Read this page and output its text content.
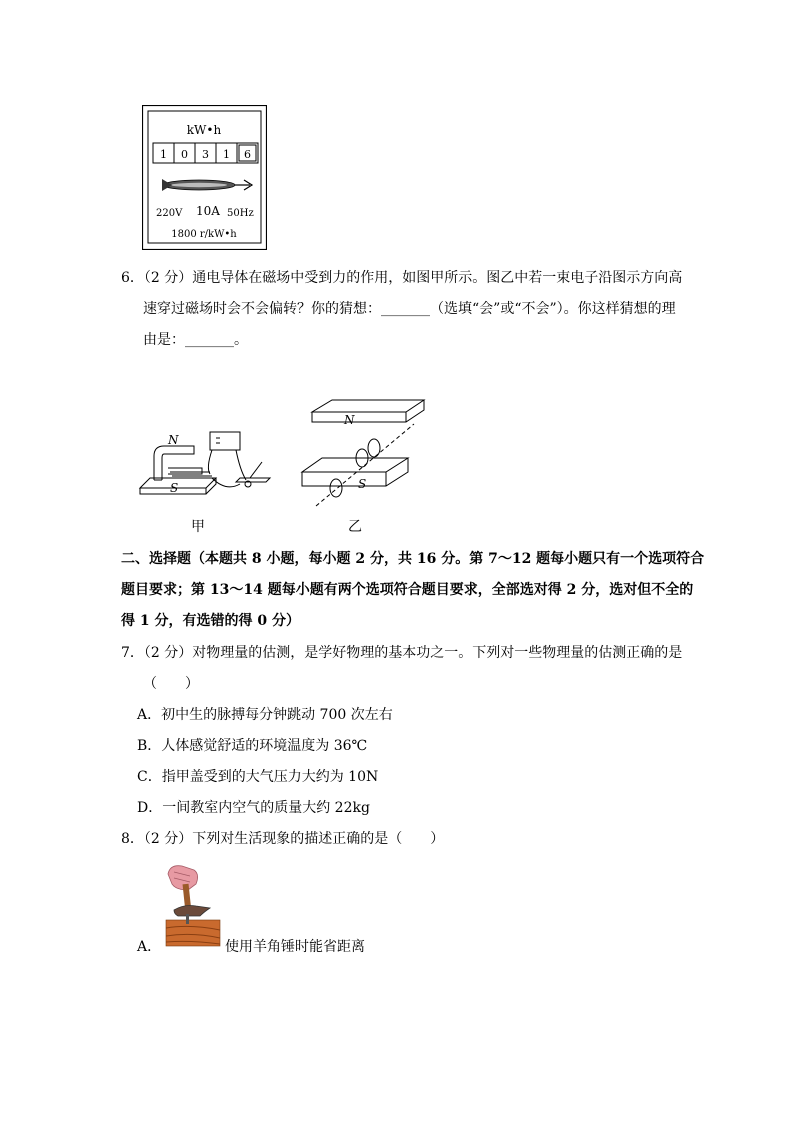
kW•h
1 0 3 1 6
220V 10A 50Hz
1800 r/kW•h
6．（2 分）通电导体在磁场中受到力的作用，如图甲所示。图乙中若一束电子沿图示方向高
速穿过磁场时会不会偏转？你的猜想：_______（选填“会”或“不会”）。你这样猜想的理
由是：_______。
N
S
N
S
甲	乙
二、选择题（本题共 8 小题，每小题 2 分，共 16 分。第 7～12 题每小题只有一个选项符合
题目要求；第 13～14 题每小题有两个选项符合题目要求，全部选对得 2 分，选对但不全的
得 1 分，有选错的得 0 分）
7．（2 分）对物理量的估测，是学好物理的基本功之一。下列对一些物理量的估测正确的是
（　　）
A．初中生的脉搏每分钟跳动 700 次左右
B．人体感觉舒适的环境温度为 36℃
C．指甲盖受到的大气压力大约为 10N
D．一间教室内空气的质量大约 22kg
8．（2 分）下列对生活现象的描述正确的是（　　）
A．	使用羊角锤时能省距离
